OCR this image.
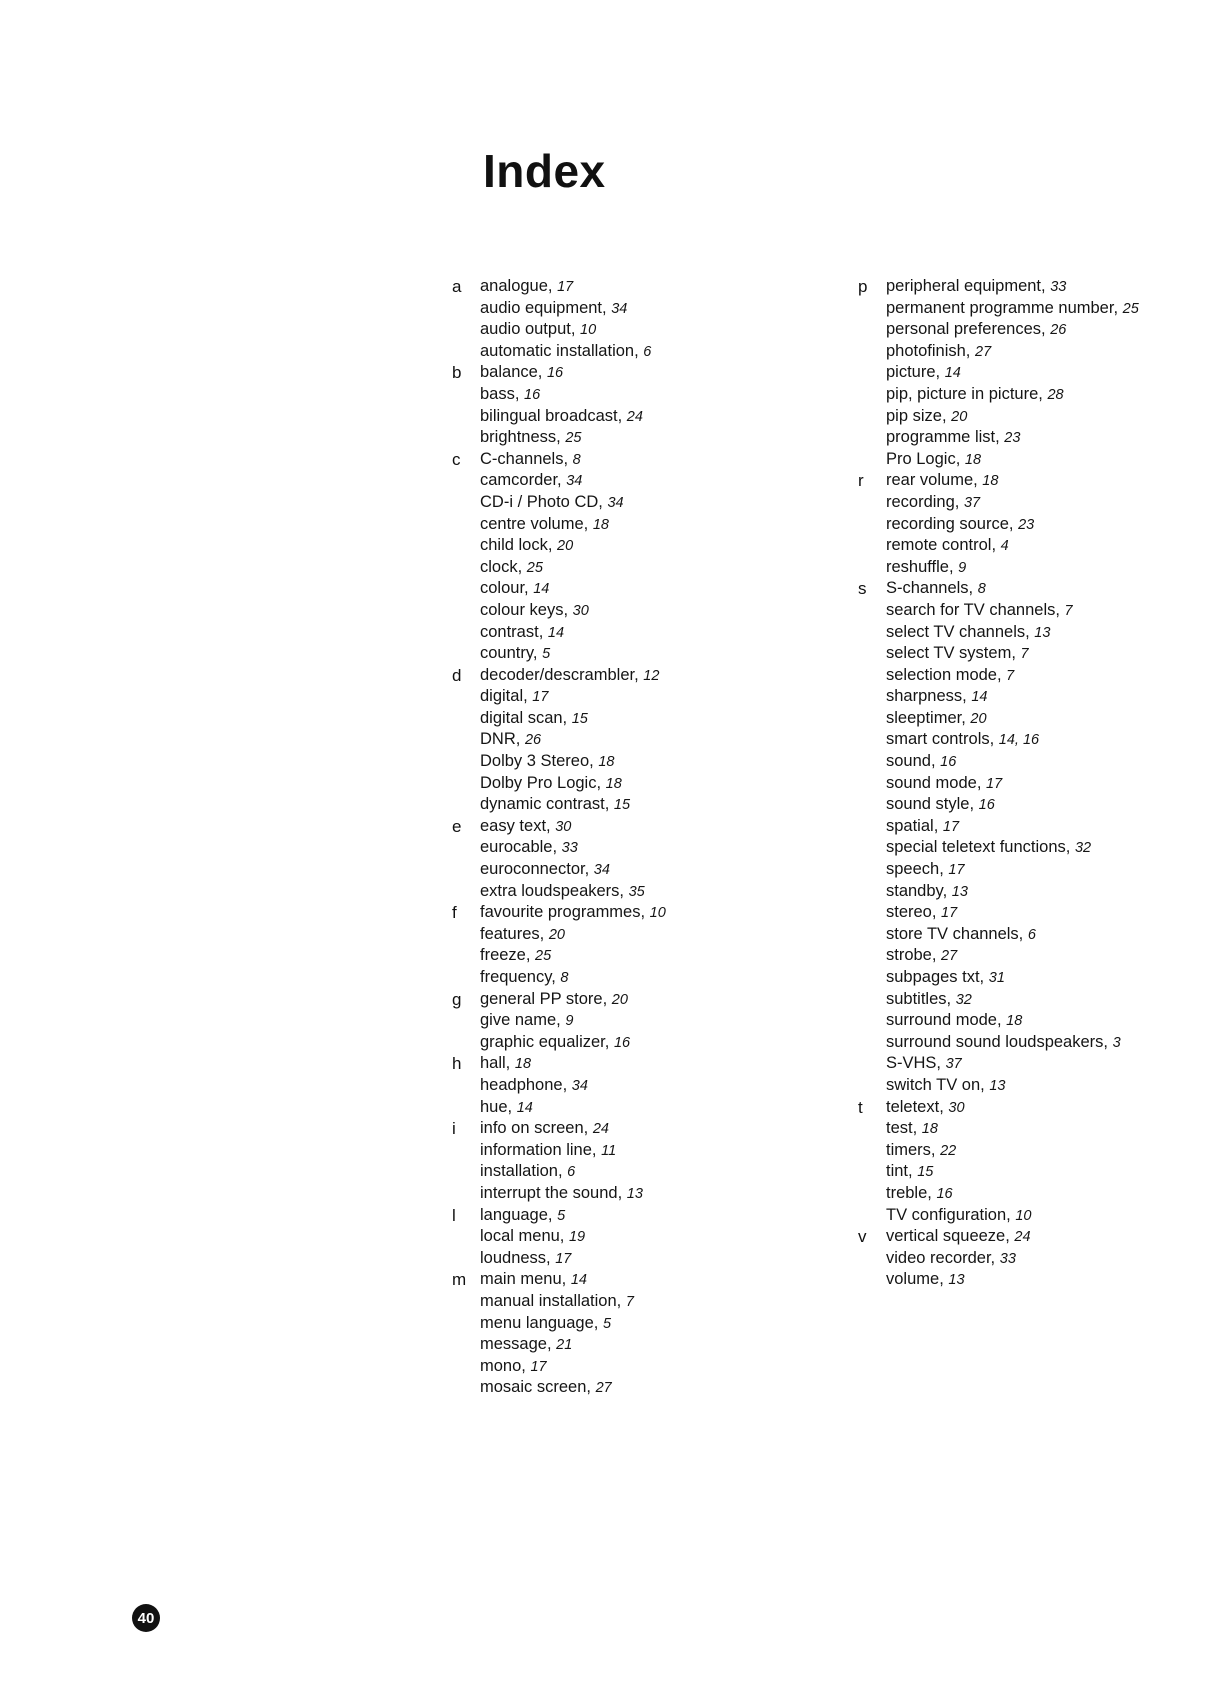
Index
a	analogue, 17
audio equipment, 34
audio output, 10
automatic installation, 6
b	balance, 16
bass, 16
bilingual broadcast, 24
brightness, 25
c	C-channels, 8
camcorder, 34
CD-i / Photo CD, 34
centre volume, 18
child lock, 20
clock, 25
colour, 14
colour keys, 30
contrast, 14
country, 5
d	decoder/descrambler, 12
digital, 17
digital scan, 15
DNR, 26
Dolby 3 Stereo, 18
Dolby Pro Logic, 18
dynamic contrast, 15
e	easy text, 30
eurocable, 33
euroconnector, 34
extra loudspeakers, 35
f	favourite programmes, 10
features, 20
freeze, 25
frequency, 8
g	general PP store, 20
give name, 9
graphic equalizer, 16
h	hall, 18
headphone, 34
hue, 14
i	info on screen, 24
information line, 11
installation, 6
interrupt the sound, 13
l	language, 5
local menu, 19
loudness, 17
m main menu, 14
manual installation, 7
menu language, 5
message, 21
mono, 17
mosaic screen, 27
p	peripheral equipment, 33
permanent programme number, 25
personal preferences, 26
photofinish, 27
picture, 14
pip, picture in picture, 28
pip size, 20
programme list, 23
Pro Logic, 18
r	rear volume, 18
recording, 37
recording source, 23
remote control, 4
reshuffle, 9
s	S-channels, 8
search for TV channels, 7
select TV channels, 13
select TV system, 7
selection mode, 7
sharpness, 14
sleeptimer, 20
smart controls, 14, 16
sound, 16
sound mode, 17
sound style, 16
spatial, 17
special teletext functions, 32
speech, 17
standby, 13
stereo, 17
store TV channels, 6
strobe, 27
subpages txt, 31
subtitles, 32
surround mode, 18
surround sound loudspeakers, 3
S-VHS, 37
switch TV on, 13
t	teletext, 30
test, 18
timers, 22
tint, 15
treble, 16
TV configuration, 10
v	vertical squeeze, 24
video recorder, 33
volume, 13
40
